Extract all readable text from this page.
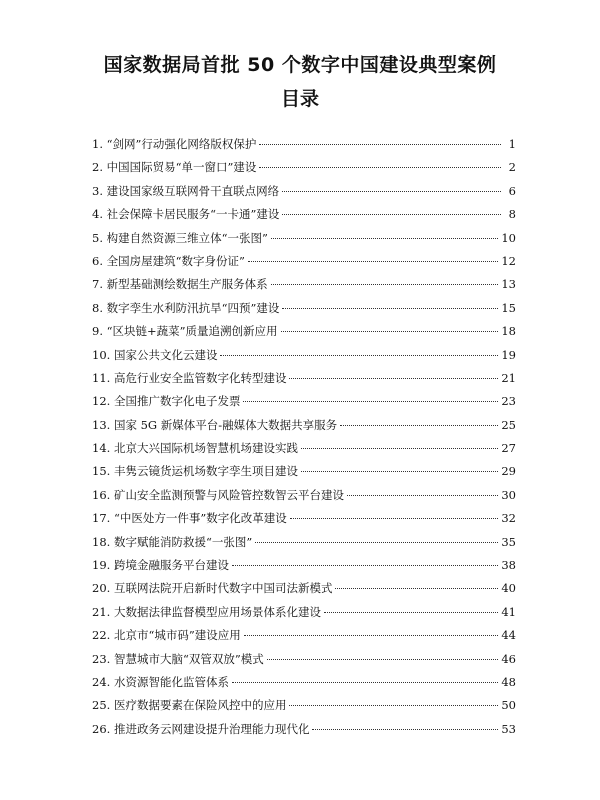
国家数据局首批 50 个数字中国建设典型案例
目录
1. “剑网”行动强化网络版权保护	1
2. 中国国际贸易“单一窗口”建设	2
3. 建设国家级互联网骨干直联点网络	6
4. 社会保障卡居民服务“一卡通”建设	8
5. 构建自然资源三维立体“一张图”	10
6. 全国房屋建筑“数字身份证”	12
7. 新型基础测绘数据生产服务体系	13
8. 数字孪生水利防汛抗旱“四预”建设	15
9. “区块链+蔬菜”质量追溯创新应用	18
10. 国家公共文化云建设	19
11. 高危行业安全监管数字化转型建设	21
12. 全国推广数字化电子发票	23
13. 国家 5G 新媒体平台-融媒体大数据共享服务	25
14. 北京大兴国际机场智慧机场建设实践	27
15. 丰隽云镜货运机场数字孪生项目建设	29
16. 矿山安全监测预警与风险管控数智云平台建设	30
17. “中医处方一件事”数字化改革建设	32
18. 数字赋能消防救援“一张图”	35
19. 跨境金融服务平台建设	38
20. 互联网法院开启新时代数字中国司法新模式	40
21. 大数据法律监督模型应用场景体系化建设	41
22. 北京市“城市码”建设应用	44
23. 智慧城市大脑“双管双放”模式	46
24. 水资源智能化监管体系	48
25. 医疗数据要素在保险风控中的应用	50
26. 推进政务云网建设提升治理能力现代化	53
